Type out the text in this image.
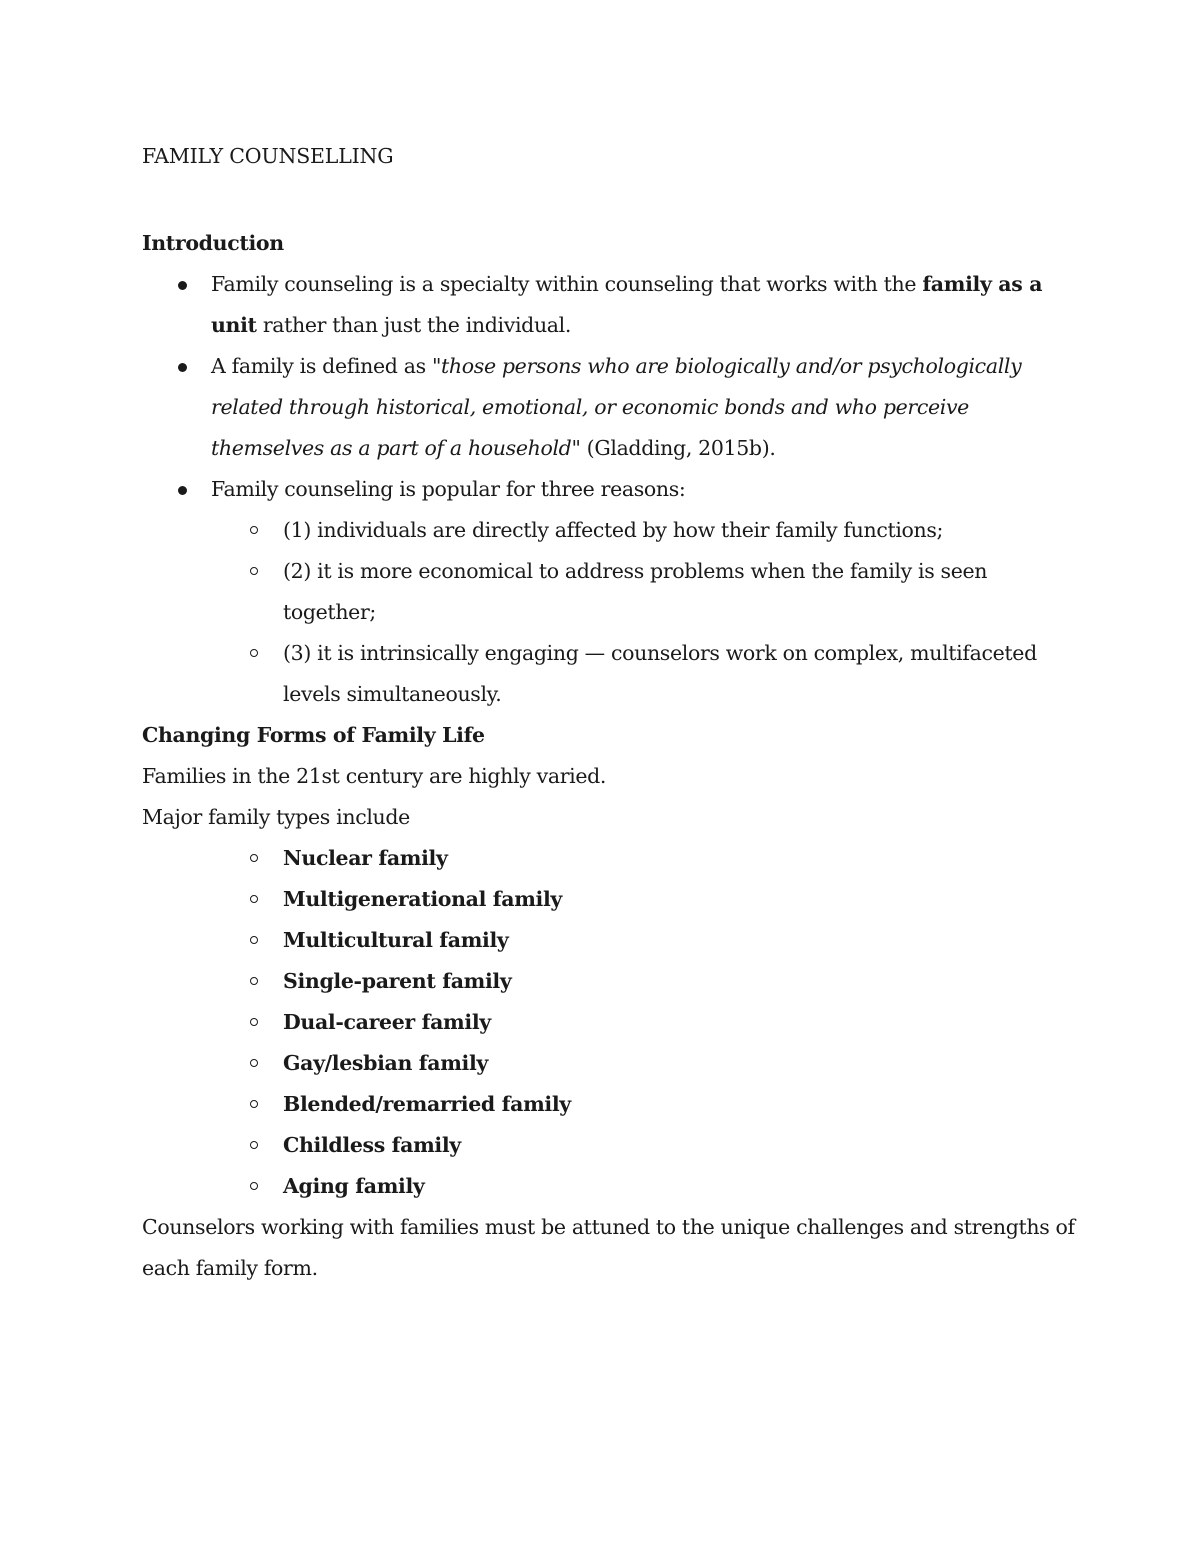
FAMILY COUNSELLING

Introduction

Family counseling is a specialty within counseling that works with the family as a unit rather than just the individual.
A family is defined as "those persons who are biologically and/or psychologically related through historical, emotional, or economic bonds and who perceive themselves as a part of a household" (Gladding, 2015b).
Family counseling is popular for three reasons:
(1) individuals are directly affected by how their family functions;
(2) it is more economical to address problems when the family is seen together;
(3) it is intrinsically engaging — counselors work on complex, multifaceted levels simultaneously.

Changing Forms of Family Life

Families in the 21st century are highly varied.

Major family types include

Nuclear family
Multigenerational family
Multicultural family
Single-parent family
Dual-career family
Gay/lesbian family
Blended/remarried family
Childless family
Aging family

Counselors working with families must be attuned to the unique challenges and strengths of each family form.
